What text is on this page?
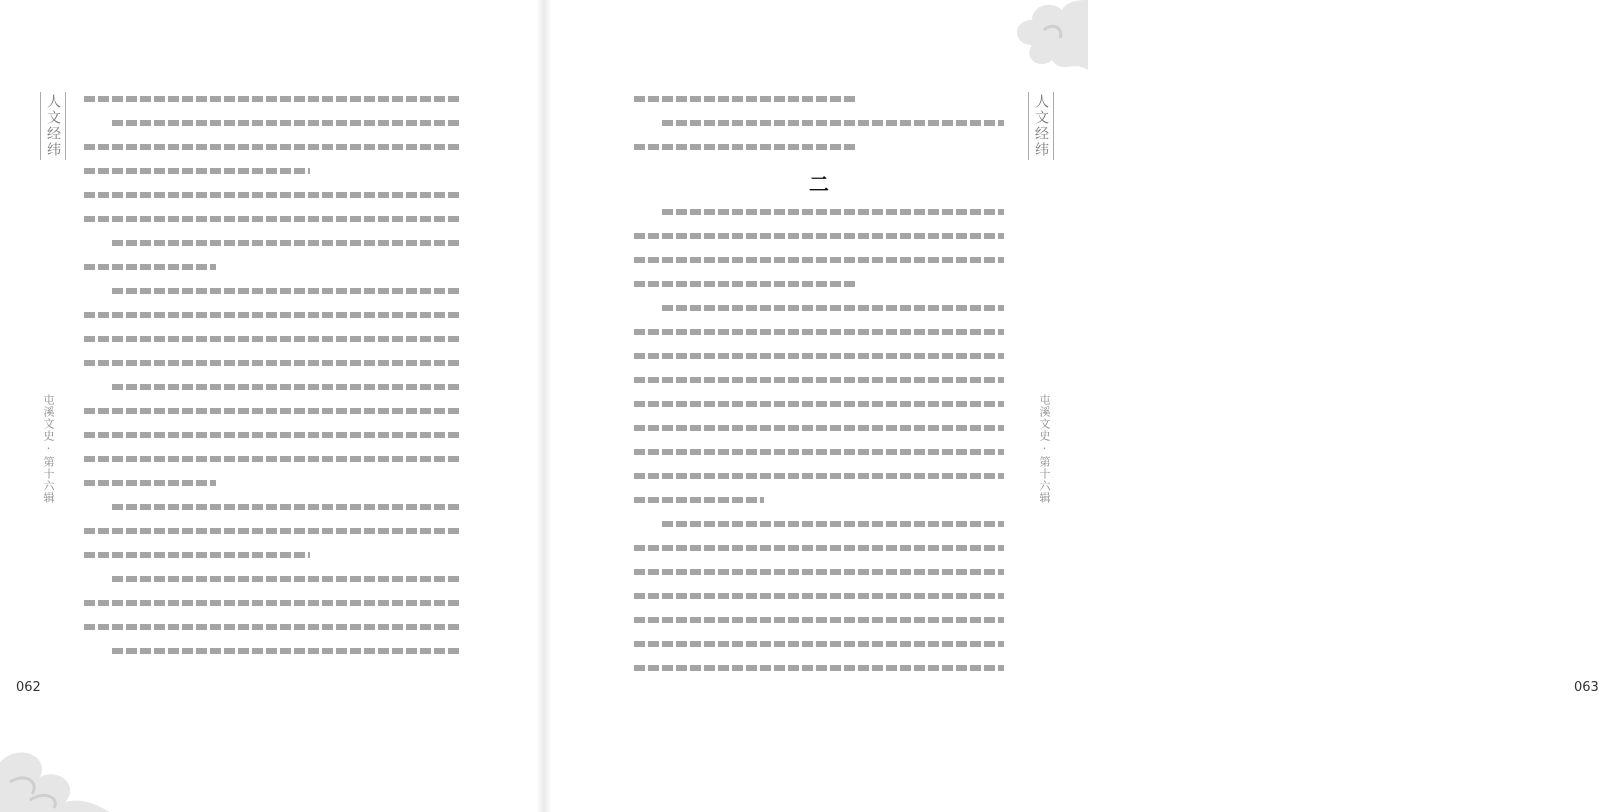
人文经纬
屯溪文史·第十六辑
062
人文经纬
屯溪文史·第十六辑
063
二
